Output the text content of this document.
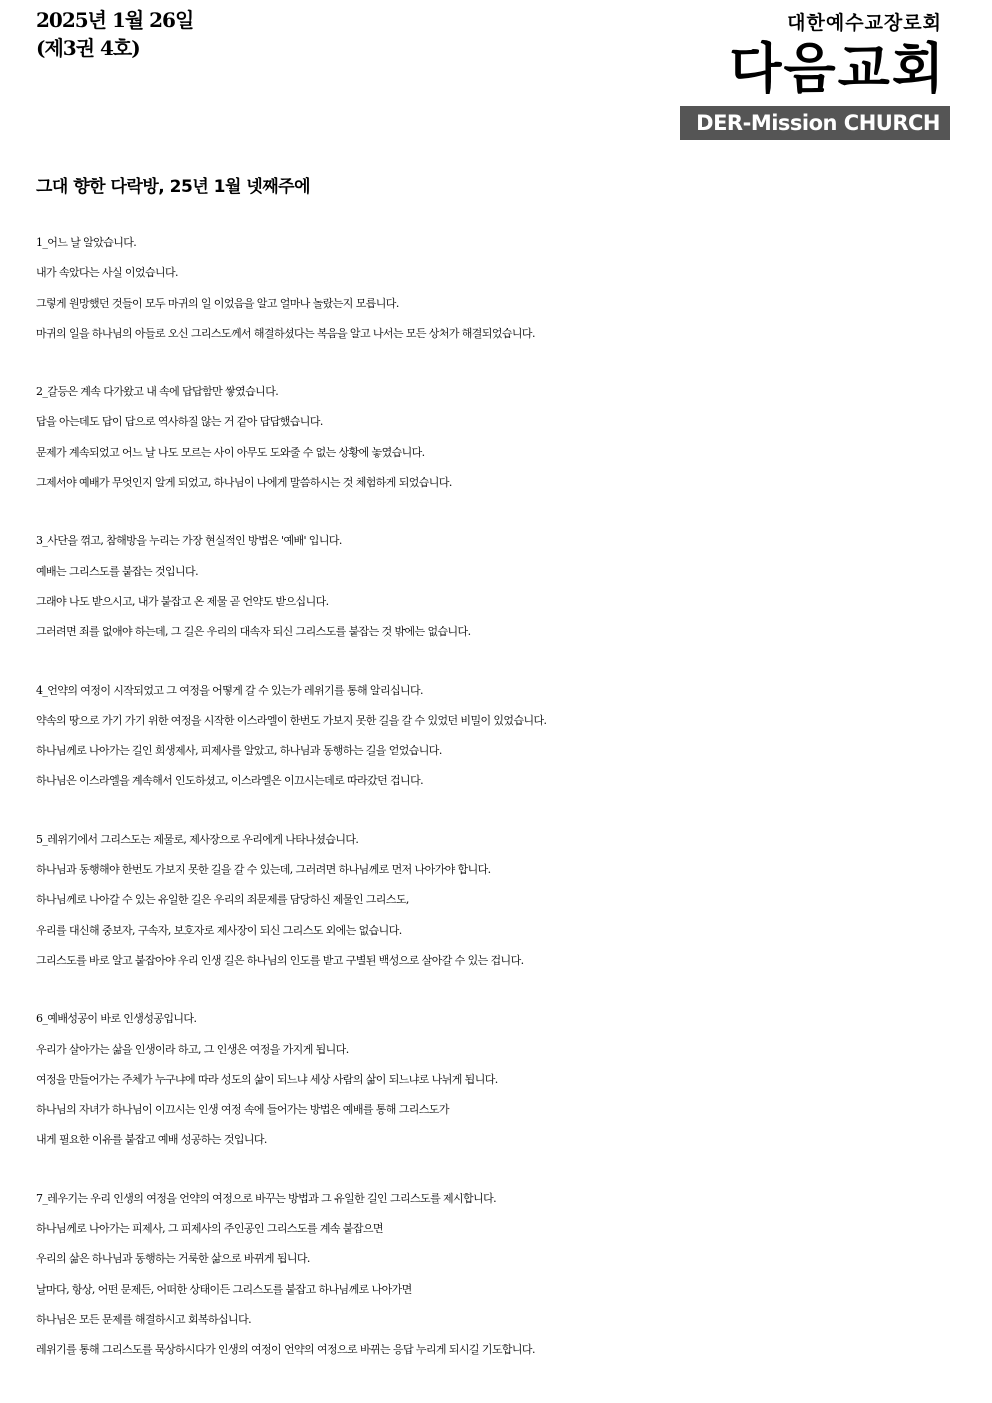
2025년 1월 26일
(제3권 4호)
대한예수교장로회
다음교회
DER-Mission CHURCH
그대 향한 다락방, 25년 1월 넷째주에
1_어느 날 알았습니다.
내가 속았다는 사실 이었습니다.
그렇게 원망했던 것들이 모두 마귀의 일 이었음을 알고 얼마나 놀랐는지 모릅니다.
마귀의 일을 하나님의 아들로 오신 그리스도께서 해결하셨다는 복음을 알고 나서는 모든 상처가 해결되었습니다.
2_갈등은 계속 다가왔고 내 속에 답답함만 쌓였습니다.
답을 아는데도 답이 답으로 역사하질 않는 거 같아 답답했습니다.
문제가 계속되었고 어느 날 나도 모르는 사이 아무도 도와줄 수 없는 상황에 놓였습니다.
그제서야 예배가 무엇인지 알게 되었고, 하나님이 나에게 말씀하시는 것 체험하게 되었습니다.
3_사단을 꺾고, 참해방을 누리는 가장 현실적인 방법은 '예배' 입니다.
예배는 그리스도를 붙잡는 것입니다.
그래야 나도 받으시고, 내가 붙잡고 온 제물 곧 언약도 받으십니다.
그러려면 죄를 없애야 하는데, 그 길은 우리의 대속자 되신 그리스도를 붙잡는 것 밖에는 없습니다.
4_언약의 여정이 시작되었고 그 여정을 어떻게 갈 수 있는가 레위기를 통해 알리십니다.
약속의 땅으로 가기 가기 위한 여정을 시작한 이스라엘이 한번도 가보지 못한 길을 갈 수 있었던 비밀이 있었습니다.
하나님께로 나아가는 길인 희생제사, 피제사를 알았고, 하나님과 동행하는 길을 얻었습니다.
하나님은 이스라엘을 계속해서 인도하셨고, 이스라엘은 이끄시는데로 따라갔던 겁니다.
5_레위기에서 그리스도는 제물로, 제사장으로 우리에게 나타나셨습니다.
하나님과 동행해야 한번도 가보지 못한 길을 갈 수 있는데, 그러려면 하나님께로 먼저 나아가야 합니다.
하나님께로 나아갈 수 있는 유일한 길은 우리의 죄문제를 담당하신 제물인 그리스도,
우리를 대신해 중보자, 구속자, 보호자로 제사장이 되신 그리스도 외에는 없습니다.
그리스도를 바로 알고 붙잡아야 우리 인생 길은 하나님의 인도를 받고 구별된 백성으로 살아갈 수 있는 겁니다.
6_예배성공이 바로 인생성공입니다.
우리가 살아가는 삶을 인생이라 하고, 그 인생은 여정을 가지게 됩니다.
여정을 만들어가는 주체가 누구냐에 따라 성도의 삶이 되느냐 세상 사람의 삶이 되느냐로 나뉘게 됩니다.
하나님의 자녀가 하나님이 이끄시는 인생 여정 속에 들어가는 방법은 예배를 통해 그리스도가
내게 필요한 이유를 붙잡고 예배 성공하는 것입니다.
7_레우기는 우리 인생의 여정을 언약의 여정으로 바꾸는 방법과 그 유일한 길인 그리스도를 제시합니다.
하나님께로 나아가는 피제사, 그 피제사의 주인공인 그리스도를 계속 붙잡으면
우리의 삶은 하나님과 동행하는 거룩한 삶으로 바뀌게 됩니다.
날마다, 항상, 어떤 문제든, 어떠한 상태이든 그리스도를 붙잡고 하나님께로 나아가면
하나님은 모든 문제를 해결하시고 회복하십니다.
레위기를 통해 그리스도를 묵상하시다가 인생의 여정이 언약의 여정으로 바뀌는 응답 누리게 되시길 기도합니다.
